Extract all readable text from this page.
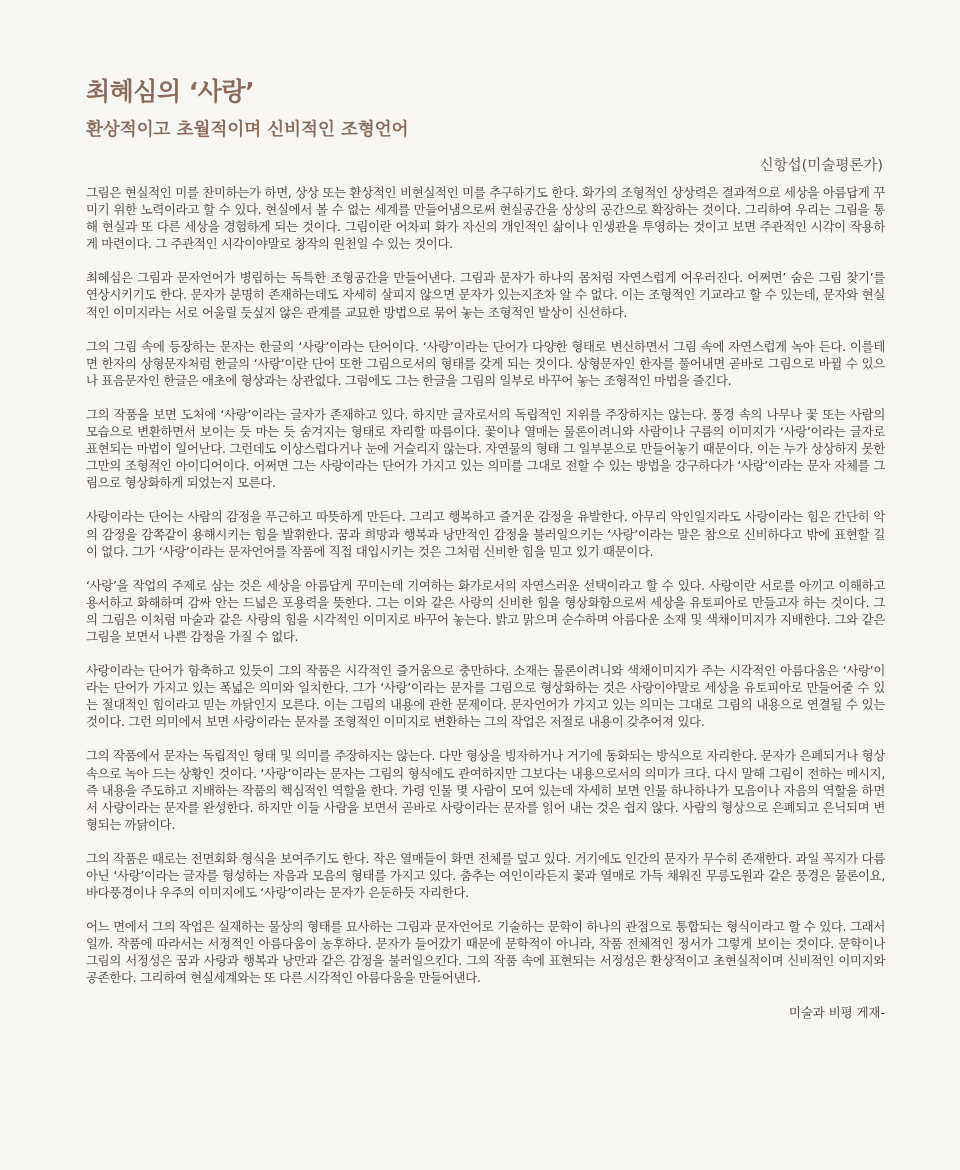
최혜심의 ‘사랑’
환상적이고 초월적이며 신비적인 조형언어
신항섭(미술평론가)

그림은 현실적인 미를 찬미하는가 하면, 상상 또는 환상적인 비현실적인 미를 추구하기도 한다. 화가의 조형적인 상상력은 결과적으로 세상을 아름답게 꾸미기 위한 노력이라고 할 수 있다. 현실에서 볼 수 없는 세계를 만들어냄으로써 현실공간을 상상의 공간으로 확장하는 것이다. 그리하여 우리는 그림을 통해 현실과 또 다른 세상을 경험하게 되는 것이다. 그림이란 어차피 화가 자신의 개인적인 삶이나 인생관을 투영하는 것이고 보면 주관적인 시각이 작용하게 마련이다. 그 주관적인 시각이야말로 창작의 원천일 수 있는 것이다.

최혜심은 그림과 문자언어가 병립하는 독특한 조형공간을 만들어낸다. 그림과 문자가 하나의 몸처럼 자연스럽게 어우러진다. 어쩌면’ 숨은 그림 찾기’를 연상시키기도 한다. 문자가 분명히 존재하는데도 자세히 살피지 않으면 문자가 있는지조차 알 수 없다. 이는 조형적인 기교라고 할 수 있는데, 문자와 현실적인 이미지라는 서로 어울릴 듯싶지 않은 관계를 교묘한 방법으로 묶어 놓는 조형적인 발상이 신선하다.

그의 그림 속에 등장하는 문자는 한글의 ‘사랑’이라는 단어이다. ‘사랑’이라는 단어가 다양한 형태로 변신하면서 그림 속에 자연스럽게 녹아 든다. 이를테면 한자의 상형문자처럼 한글의 ‘사랑’이란 단어 또한 그림으로서의 형태를 갖게 되는 것이다. 상형문자인 한자를 풀어내면 곧바로 그림으로 바뀔 수 있으나 표음문자인 한글은 애초에 형상과는 상관없다. 그럼에도 그는 한글을 그림의 일부로 바꾸어 놓는 조형적인 마법을 즐긴다.

그의 작품을 보면 도처에 ‘사랑’이라는 글자가 존재하고 있다. 하지만 글자로서의 독립적인 지위를 주장하지는 않는다. 풍경 속의 나무나 꽃 또는 사람의 모습으로 변환하면서 보이는 듯 마는 듯 숨겨지는 형태로 자리할 따름이다. 꽃이나 열매는 물론이려니와 사람이나 구름의 이미지가 ‘사랑’이라는 글자로 표현되는 마법이 일어난다. 그런데도 이상스럽다거나 눈에 거슬리지 않는다. 자연물의 형태 그 일부분으로 만들어놓기 때문이다. 이는 누가 상상하지 못한 그만의 조형적인 아이디어이다. 어쩌면 그는 사랑이라는 단어가 가지고 있는 의미를 그대로 전할 수 있는 방법을 강구하다가 ‘사랑’이라는 문자 자체를 그림으로 형상화하게 되었는지 모른다.

사랑이라는 단어는 사람의 감정을 푸근하고 따뜻하게 만든다. 그리고 행복하고 즐거운 감정을 유발한다. 아무리 악인일지라도 사랑이라는 힘은 간단히 악의 감정을 감쪽같이 용해시키는 힘을 발휘한다. 꿈과 희망과 행복과 낭만적인 감정을 불러일으키는 ‘사랑’이라는 말은 참으로 신비하다고 밖에 표현할 길이 없다. 그가 ‘사랑’이라는 문자언어를 작품에 직접 대입시키는 것은 그처럼 신비한 힘을 믿고 있기 때문이다.

‘사랑’을 작업의 주제로 삼는 것은 세상을 아름답게 꾸미는데 기여하는 화가로서의 자연스러운 선택이라고 할 수 있다. 사랑이란 서로를 아끼고 이해하고 용서하고 화해하며 감싸 안는 드넓은 포용력을 뜻한다. 그는 이와 같은 사랑의 신비한 힘을 형상화함으로써 세상을 유토피아로 만들고자 하는 것이다. 그의 그림은 이처럼 마술과 같은 사랑의 힘을 시각적인 이미지로 바꾸어 놓는다. 밝고 맑으며 순수하며 아름다운 소재 및 색채이미지가 지배한다. 그와 같은 그림을 보면서 나쁜 감정을 가질 수 없다.

사랑이라는 단어가 함축하고 있듯이 그의 작품은 시각적인 즐거움으로 충만하다. 소재는 물론이려니와 색채이미지가 주는 시각적인 아름다움은 ‘사랑’이라는 단어가 가지고 있는 폭넓은 의미와 일치한다. 그가 ‘사랑’이라는 문자를 그림으로 형상화하는 것은 사랑이야말로 세상을 유토피아로 만들어줄 수 있는 절대적인 힘이라고 믿는 까닭인지 모른다. 이는 그림의 내용에 관한 문제이다. 문자언어가 가지고 있는 의미는 그대로 그림의 내용으로 연결될 수 있는 것이다. 그런 의미에서 보면 사랑이라는 문자를 조형적인 이미지로 변환하는 그의 작업은 저절로 내용이 갖추어져 있다.

그의 작품에서 문자는 독립적인 형태 및 의미를 주장하지는 않는다. 다만 형상을 빙자하거나 거기에 동화되는 방식으로 자리한다. 문자가 은폐되거나 형상 속으로 녹아 드는 상황인 것이다. ‘사랑’이라는 문자는 그림의 형식에도 관여하지만 그보다는 내용으로서의 의미가 크다. 다시 말해 그림이 전하는 메시지, 즉 내용을 주도하고 지배하는 작품의 핵심적인 역할을 한다. 가령 인물 몇 사람이 모여 있는데 자세히 보면 인물 하나하나가 모음이나 자음의 역할을 하면서 사랑이라는 문자를 완성한다. 하지만 이들 사람을 보면서 곧바로 사랑이라는 문자를 읽어 내는 것은 쉽지 않다. 사람의 형상으로 은폐되고 은닉되며 변형되는 까닭이다.

그의 작품은 때로는 전면회화 형식을 보여주기도 한다. 작은 열매들이 화면 전체를 덮고 있다. 거기에도 인간의 문자가 무수히 존재한다. 과일 꼭지가 다름 아닌 ‘사랑’이라는 글자를 형성하는 자음과 모음의 형태를 가지고 있다. 춤추는 여인이라든지 꽃과 열매로 가득 채워진 무릉도원과 같은 풍경은 물론이요, 바다풍경이나 우주의 이미지에도 ‘사랑’이라는 문자가 은둔하듯 자리한다.

어느 면에서 그의 작업은 실재하는 물상의 형태를 묘사하는 그림과 문자언어로 기술하는 문학이 하나의 관점으로 통합되는 형식이라고 할 수 있다. 그래서일까. 작품에 따라서는 서정적인 아름다움이 농후하다. 문자가 들어갔기 때문에 문학적이 아니라, 작품 전체적인 정서가 그렇게 보이는 것이다. 문학이나 그림의 서정성은 꿈과 사랑과 행복과 낭만과 같은 감정을 불러일으킨다. 그의 작품 속에 표현되는 서정성은 환상적이고 초현실적이며 신비적인 이미지와 공존한다. 그리하여 현실세계와는 또 다른 시각적인 아름다움을 만들어낸다.

미술과 비평 게재-
